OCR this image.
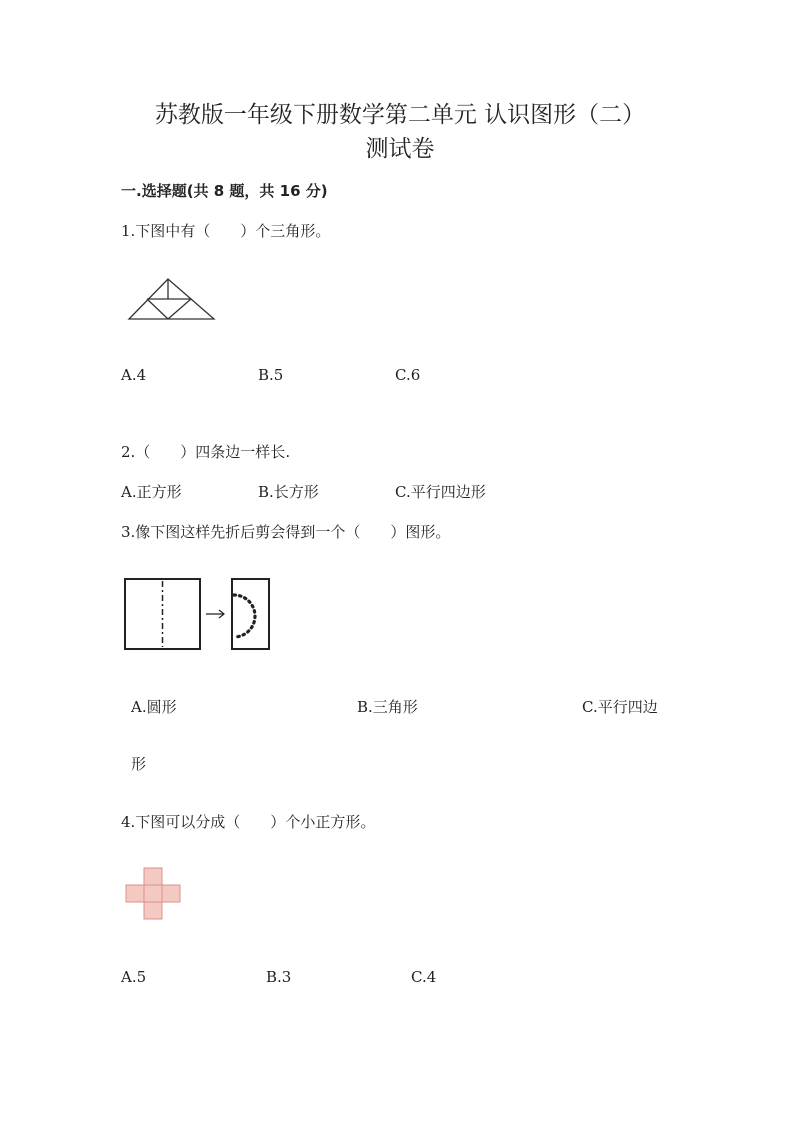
苏教版一年级下册数学第二单元 认识图形（二）
测试卷
一.选择题(共 8 题，共 16 分)
1.下图中有（　　）个三角形。
A.4	B.5	C.6
2.（　　）四条边一样长.
A.正方形	B.长方形	C.平行四边形
3.像下图这样先折后剪会得到一个（　　）图形。
A.圆形	B.三角形	C.平行四边
形
4.下图可以分成（　　）个小正方形。
A.5	B.3	C.4
